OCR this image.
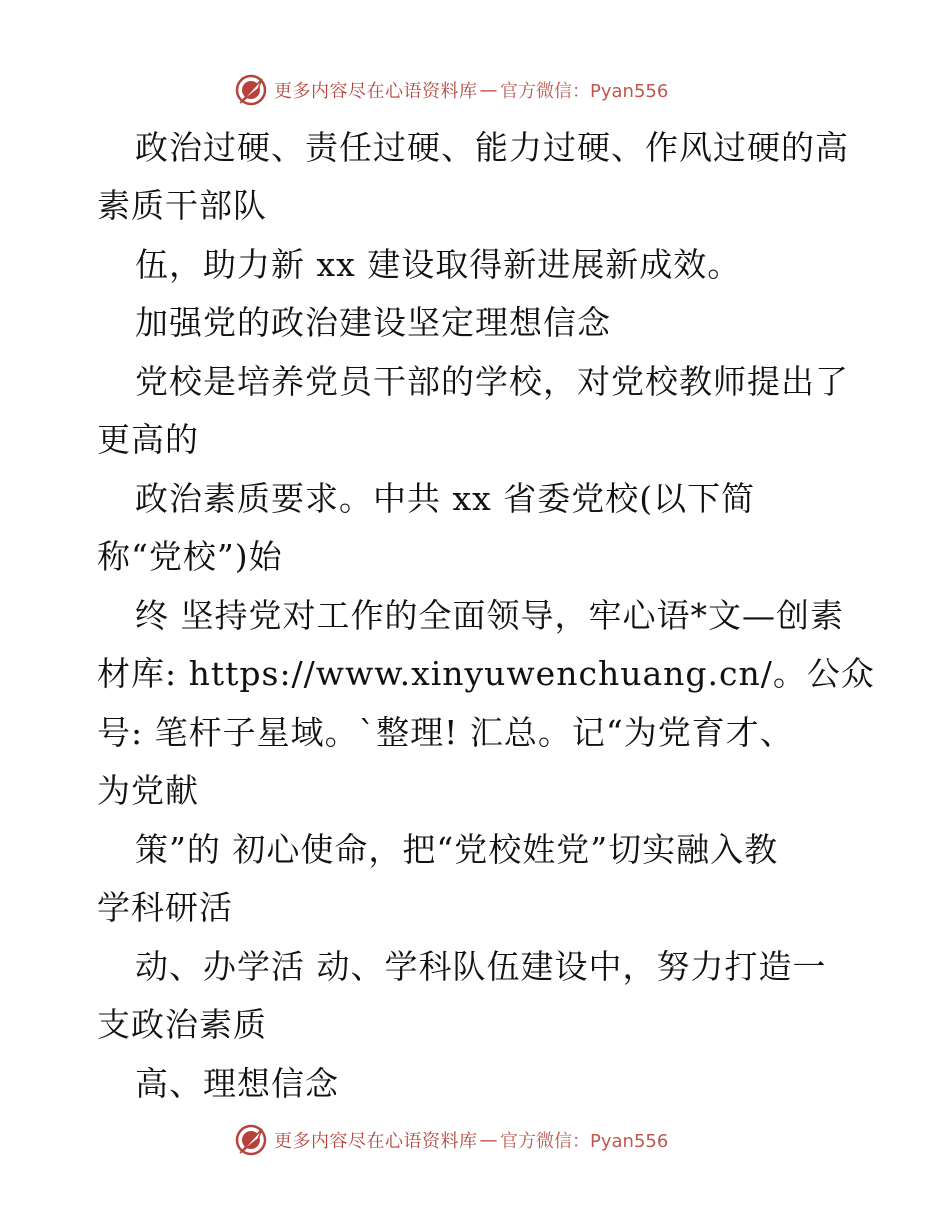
更多内容尽在心语资料库 — 官方微信：Pyan556
政治过硬、责任过硬、能力过硬、作风过硬的高
素质干部队
伍，助力新 xx 建设取得新进展新成效。
加强党的政治建设坚定理想信念
党校是培养党员干部的学校，对党校教师提出了
更高的
政治素质要求。中共 xx 省委党校(以下简
称“党校”)始
终 坚持党对工作的全面领导，牢心语*文—创素
材库: https://www.xinyuwenchuang.cn/。公众
号: 笔杆子星域。`整理! 汇总。记“为党育才、
为党献
策”的 初心使命，把“党校姓党”切实融入教
学科研活
动、办学活 动、学科队伍建设中，努力打造一
支政治素质
高、理想信念
更多内容尽在心语资料库 — 官方微信：Pyan556
